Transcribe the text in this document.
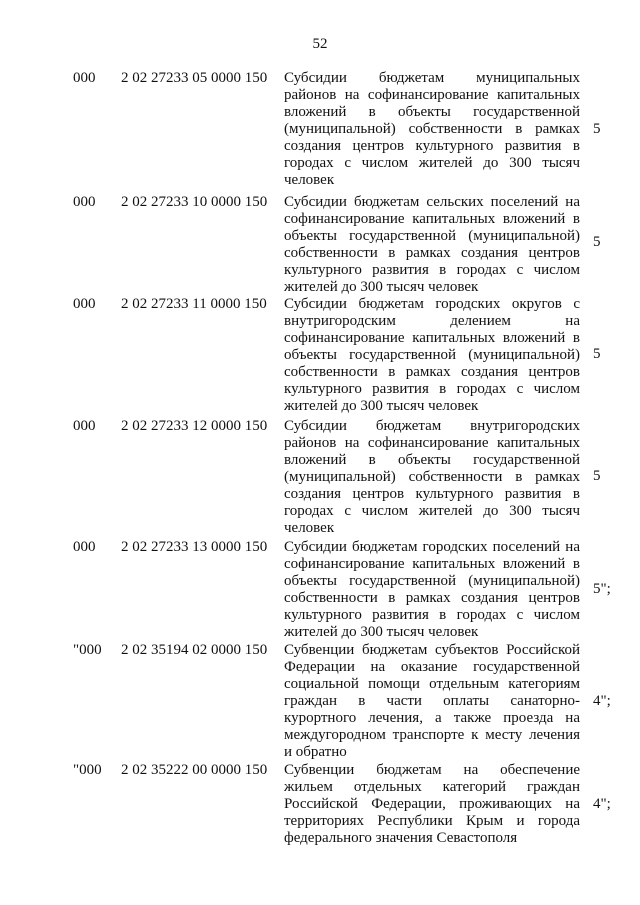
52
000 2 02 27233 05 0000 150 Субсидии бюджетам муниципальных
районов на софинансирование капитальных
вложений в объекты государственной
(муниципальной) собственности в рамках
создания центров культурного развития в
городах с числом жителей до 300 тысяч
человек
5
000 2 02 27233 10 0000 150 Субсидии бюджетам сельских поселений на
софинансирование капитальных вложений в
объекты государственной (муниципальной)
собственности в рамках создания центров
культурного развития в городах с числом
жителей до 300 тысяч человек
5
000 2 02 27233 11 0000 150 Субсидии бюджетам городских округов с
внутригородским делением на
софинансирование капитальных вложений в
объекты государственной (муниципальной)
собственности в рамках создания центров
культурного развития в городах с числом
жителей до 300 тысяч человек
5
000 2 02 27233 12 0000 150 Субсидии бюджетам внутригородских
районов на софинансирование капитальных
вложений в объекты государственной
(муниципальной) собственности в рамках
создания центров культурного развития в
городах с числом жителей до 300 тысяч
человек
5
000 2 02 27233 13 0000 150 Субсидии бюджетам городских поселений на
софинансирование капитальных вложений в
объекты государственной (муниципальной)
собственности в рамках создания центров
культурного развития в городах с числом
жителей до 300 тысяч человек
5";
"000 2 02 35194 02 0000 150 Субвенции бюджетам субъектов Российской
Федерации на оказание государственной
социальной помощи отдельным категориям
граждан в части оплаты санаторно-
курортного лечения, а также проезда на
междугородном транспорте к месту лечения
и обратно
4";
"000 2 02 35222 00 0000 150 Субвенции бюджетам на обеспечение
жильем отдельных категорий граждан
Российской Федерации, проживающих на
территориях Республики Крым и города
федерального значения Севастополя
4";
